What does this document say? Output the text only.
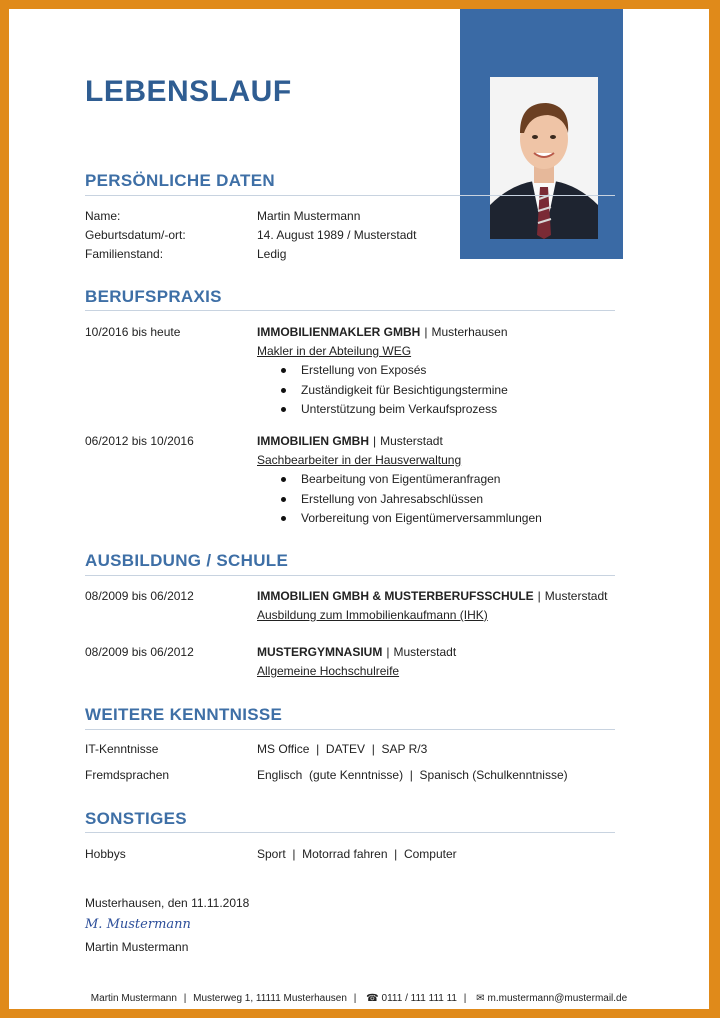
LEBENSLAUF
PERSÖNLICHE DATEN
Name:	Martin Mustermann
Geburtsdatum/-ort:	14. August 1989 / Musterstadt
Familienstand:	Ledig
BERUFSPRAXIS
10/2016 bis heute	IMMOBILIENMAKLER GMBH | Musterhausen
Makler in der Abteilung WEG
Erstellung von Exposés
Zuständigkeit für Besichtigungstermine
Unterstützung beim Verkaufsprozess
06/2012 bis 10/2016	IMMOBILIEN GMBH | Musterstadt
Sachbearbeiter in der Hausverwaltung
Bearbeitung von Eigentümeranfragen
Erstellung von Jahresabschlüssen
Vorbereitung von Eigentümerversammlungen
AUSBILDUNG / SCHULE
08/2009 bis 06/2012	IMMOBILIEN GMBH & MUSTERBERUFSSCHULE | Musterstadt
Ausbildung zum Immobilienkaufmann (IHK)
08/2009 bis 06/2012	MUSTERGYMNASIUM | Musterstadt
Allgemeine Hochschulreife
WEITERE KENNTNISSE
IT-Kenntnisse	MS Office  |  DATEV  |  SAP R/3
Fremdsprachen	Englisch  (gute Kenntnisse)  |  Spanisch (Schulkenntnisse)
SONSTIGES
Hobbys	Sport  |  Motorrad fahren  |  Computer
Musterhausen, den 11.11.2018
M. Mustermann
Martin Mustermann
Martin Mustermann | Musterweg 1, 11111 Musterhausen | ☎ 0111 / 111 111 11 | ✉ m.mustermann@mustermail.de
